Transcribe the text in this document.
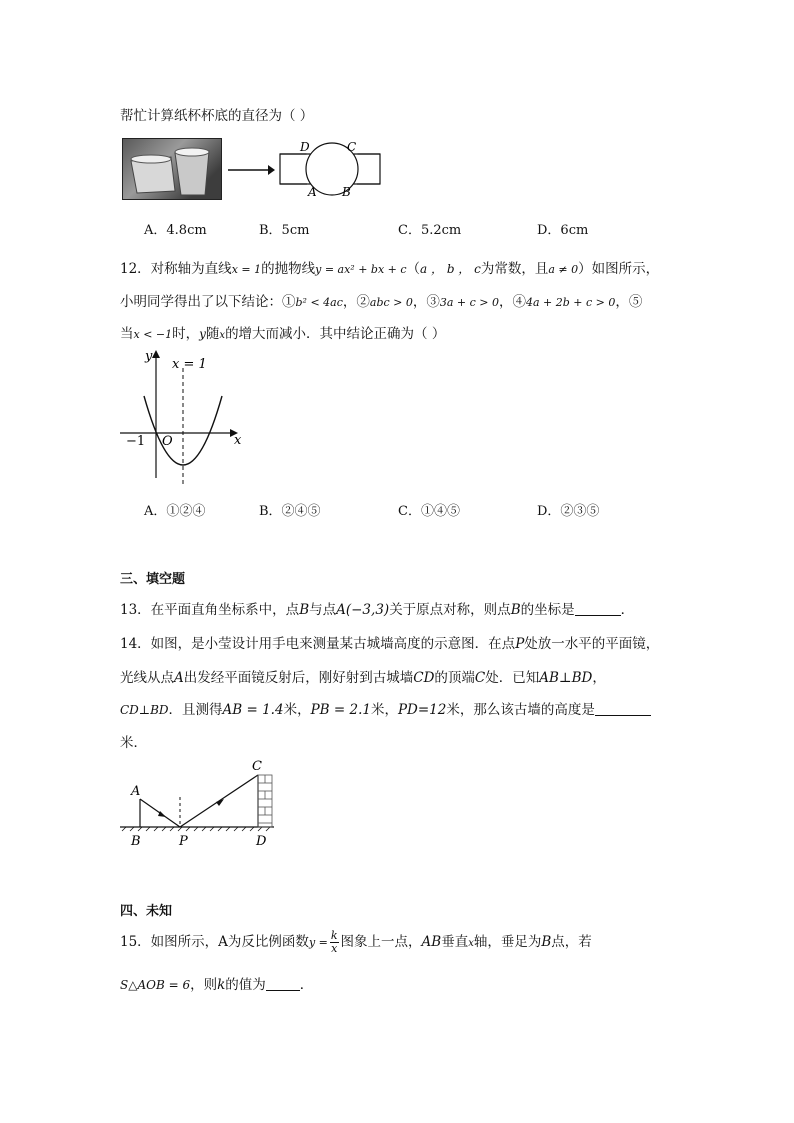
帮忙计算纸杯杯底的直径为（ ）
D	C
A B
A．4.8cm	B．5cm	C．5.2cm	D．6cm
12．对称轴为直线x = 1的抛物线y = ax² + bx + c（a ， b ， c为常数，且a ≠ 0）如图所示，
小明同学得出了以下结论：①b² < 4ac，②abc > 0，③3a + c > 0，④4a + 2b + c > 0，⑤
当x < −1时，y随x的增大而减小．其中结论正确为（ ）
y
x
x = 1
−1 O
A．①②④	B．②④⑤	C．①④⑤	D．②③⑤
三、填空题
13．在平面直角坐标系中，点B与点A(−3,3)关于原点对称，则点B的坐标是	．
14．如图，是小莹设计用手电来测量某古城墙高度的示意图．在点P处放一水平的平面镜，
光线从点A出发经平面镜反射后，刚好射到古城墙CD的顶端C处．已知AB⊥BD，
CD⊥BD．且测得AB = 1.4米，PB = 2.1米，PD=12米，那么该古墙的高度是
米．
A
B	P
C
D
四、未知
15．如图所示，A为反比例函数$y = \frac{k}{x}$ 图象上一点，AB垂直x轴，垂足为B点，若
S△AOB = 6，则k的值为	．
